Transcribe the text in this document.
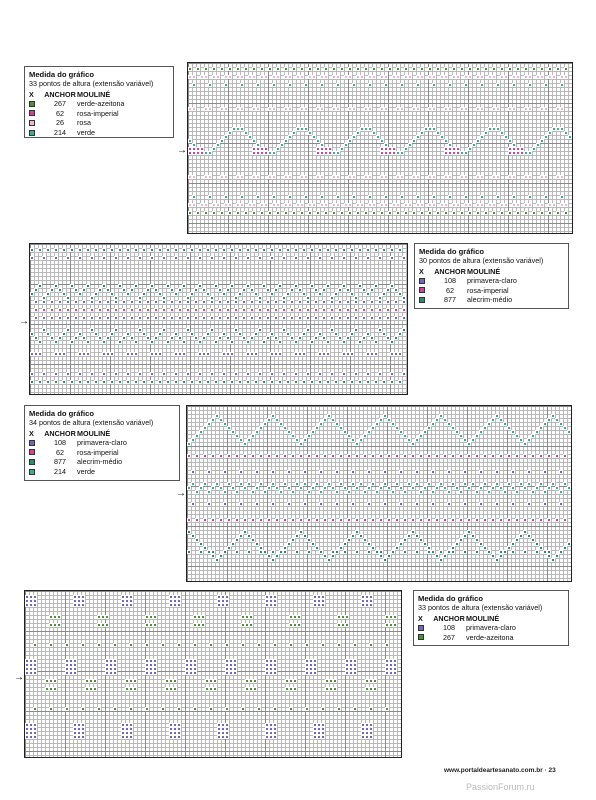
→
Medida do gráfico
33 pontos de altura (extensão variável)
X	ANCHOR MOULINÉ
267	verde-azeitona
62	rosa-imperial
26	rosa
214	verde
→
Medida do gráfico
30 pontos de altura (extensão variável)
X	ANCHOR MOULINÉ
108	primavera-claro
62	rosa-imperial
877	alecrim-médio
→
Medida do gráfico
34 pontos de altura (extensão variável)
X	ANCHOR MOULINÉ
108	primavera-claro
62	rosa-imperial
877	alecrim-médio
214	verde
→
Medida do gráfico
33 pontos de altura (extensão variável)
X	ANCHOR MOULINÉ
108	primavera-claro
267	verde-azeitona
www.portaldeartesanato.com.br · 23
PassionForum.ru
